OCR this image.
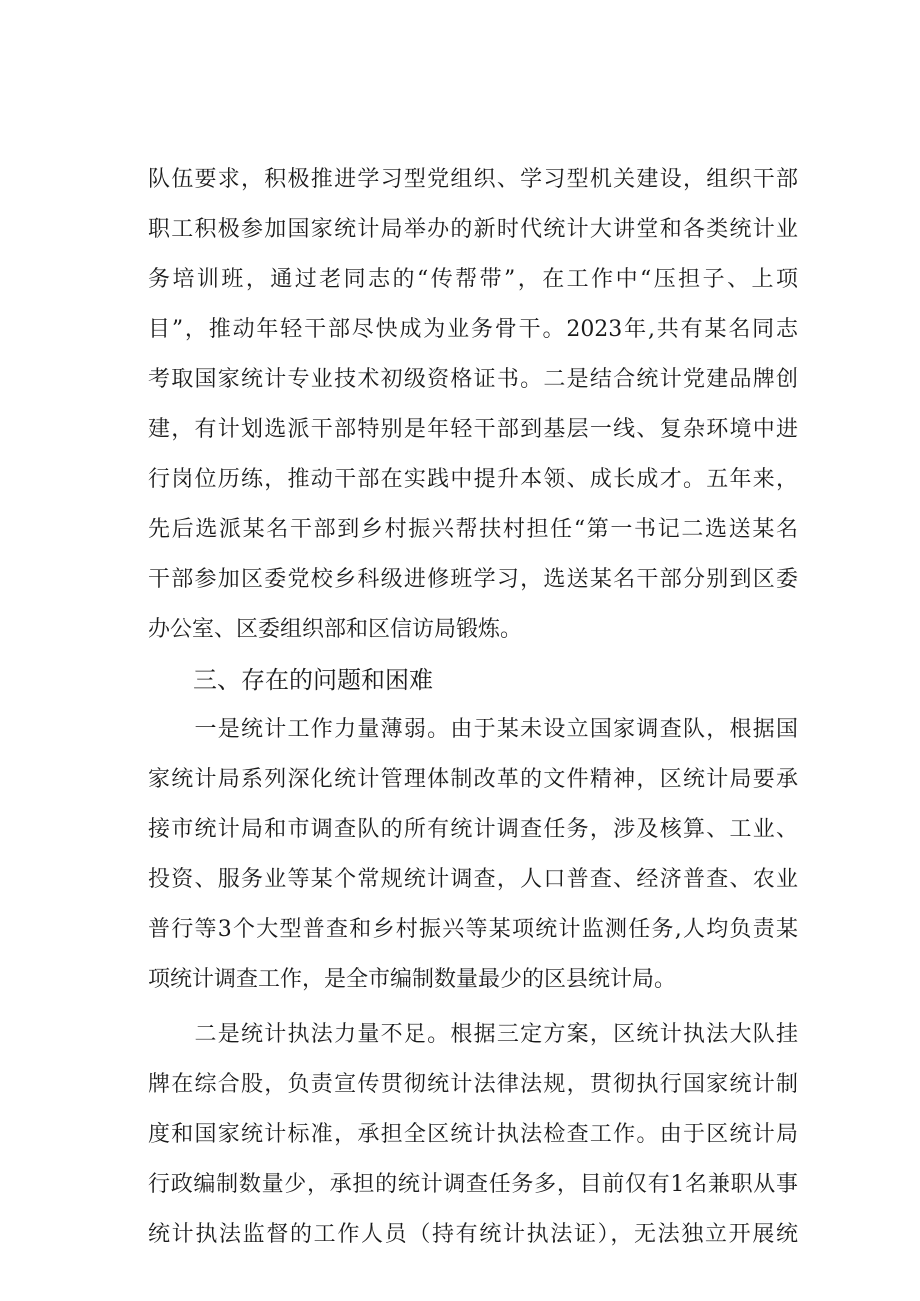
队伍要求，积极推进学习型党组织、学习型机关建设，组织干部
职工积极参加国家统计局举办的新时代统计大讲堂和各类统计业
务培训班，通过老同志的“传帮带”，在工作中“压担子、上项
目”，推动年轻干部尽快成为业务骨干。2023年,共有某名同志
考取国家统计专业技术初级资格证书。二是结合统计党建品牌创
建，有计划选派干部特别是年轻干部到基层一线、复杂环境中进
行岗位历练，推动干部在实践中提升本领、成长成才。五年来，
先后选派某名干部到乡村振兴帮扶村担任“第一书记二选送某名
干部参加区委党校乡科级进修班学习，选送某名干部分别到区委
办公室、区委组织部和区信访局锻炼。
三、存在的问题和困难
　　一是统计工作力量薄弱。由于某未设立国家调查队，根据国
家统计局系列深化统计管理体制改革的文件精神，区统计局要承
接市统计局和市调查队的所有统计调查任务，涉及核算、工业、
投资、服务业等某个常规统计调查，人口普查、经济普查、农业
普行等3个大型普查和乡村振兴等某项统计监测任务,人均负责某
项统计调查工作，是全市编制数量最少的区县统计局。
　　二是统计执法力量不足。根据三定方案，区统计执法大队挂
牌在综合股，负责宣传贯彻统计法律法规，贯彻执行国家统计制
度和国家统计标准，承担全区统计执法检查工作。由于区统计局
行政编制数量少，承担的统计调查任务多，目前仅有1名兼职从事
统计执法监督的工作人员（持有统计执法证），无法独立开展统
